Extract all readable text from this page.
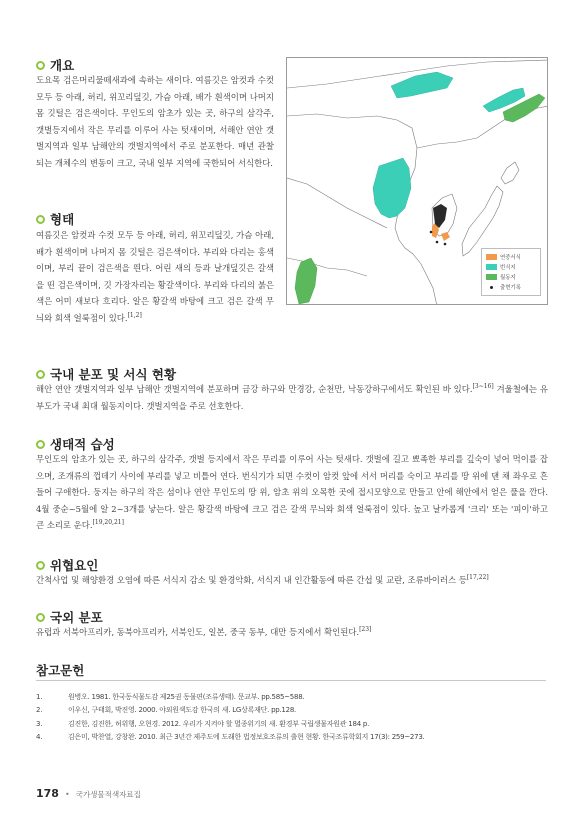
개요
도요목 검은머리물떼새과에 속하는 새이다. 여름깃은 암컷과 수컷 모두 등 아래, 허리, 위꼬리덮깃, 가슴 아래, 배가 흰색이며 나머지 몸 깃털은 검은색이다. 무인도의 암초가 있는 곳, 하구의 삼각주, 갯벌등지에서 작은 무리를 이루어 사는 텃새이며, 서해안 연안 갯벌지역과 일부 남해안의 갯벌지역에서 주로 분포한다. 매년 관찰되는 개체수의 변동이 크고, 국내 일부 지역에 국한되어 서식한다.
형태
여름깃은 암컷과 수컷 모두 등 아래, 허리, 위꼬리덮깃, 가슴 아래, 배가 흰색이며 나머지 몸 깃털은 검은색이다. 부리와 다리는 홍색이며, 부리 끝이 검은색을 띈다. 어린 새의 등과 날개덮깃은 갈색을 띤 검은색이며, 깃 가장자리는 황갈색이다. 부리와 다리의 붉은색은 어미 새보다 흐리다. 알은 황갈색 바탕에 크고 검은 갈색 무늬와 회색 얼룩점이 있다.[1,2]
연중서식
번식지
월동지
출현기록
국내 분포 및 서식 현황
해안 연안 갯벌지역과 일부 남해안 갯벌지역에 분포하며 금강 하구와 만경강, 순천만, 낙동강하구에서도 확인된 바 있다.[3~16] 겨울철에는 유부도가 국내 최대 월동지이다. 갯벌지역을 주로 선호한다.
생태적 습성
무인도의 암초가 있는 곳, 하구의 삼각주, 갯벌 등지에서 작은 무리를 이루어 사는 텃새다. 갯벌에 길고 뾰족한 부리를 깊숙이 넣어 먹이를 잡으며, 조개류의 껍데기 사이에 부리를 넣고 비틀어 연다. 번식기가 되면 수컷이 암컷 앞에 서서 머리를 숙이고 부리를 땅 위에 댄 채 좌우로 흔들어 구애한다. 둥지는 하구의 작은 섬이나 연안 무인도의 땅 위, 암초 위의 오목한 곳에 접시모양으로 만들고 안에 해안에서 얻은 풀을 깐다. 4월 중순~5월에 알 2~3개를 낳는다. 알은 황갈색 바탕에 크고 검은 갈색 무늬와 회색 얼룩점이 있다. 높고 날카롭게 '크리' 또는 '피이'하고 큰 소리로 운다.[19,20,21]
위협요인
간척사업 및 해양환경 오염에 따른 서식지 감소 및 환경악화, 서식지 내 인간활동에 따른 간섭 및 교란, 조류바이러스 등[17,22]
국외 분포
유럽과 서북아프리카, 동북아프리카, 서북인도, 일본, 중국 동부, 대만 등지에서 확인된다.[23]
참고문헌
1.	원병오. 1981. 한국동식물도감 제25권 동물편(조류생태). 문교부. pp.585~588.
2.	이우신, 구태회, 박진영. 2000. 야외원색도감 한국의 새. LG상록재단. pp.128.
3.	김진한, 김진한, 허위행, 오현경. 2012. 우리가 지켜야 할 멸종위기의 새. 환경부 국립생물자원관 184 p.
4.	김은미, 박찬열, 강창완. 2010. 최근 3년간 제주도에 도래한 법정보호조류의 출현 현황. 한국조류학회지 17(3): 259~273.
178 • 국가생물적색자료집
